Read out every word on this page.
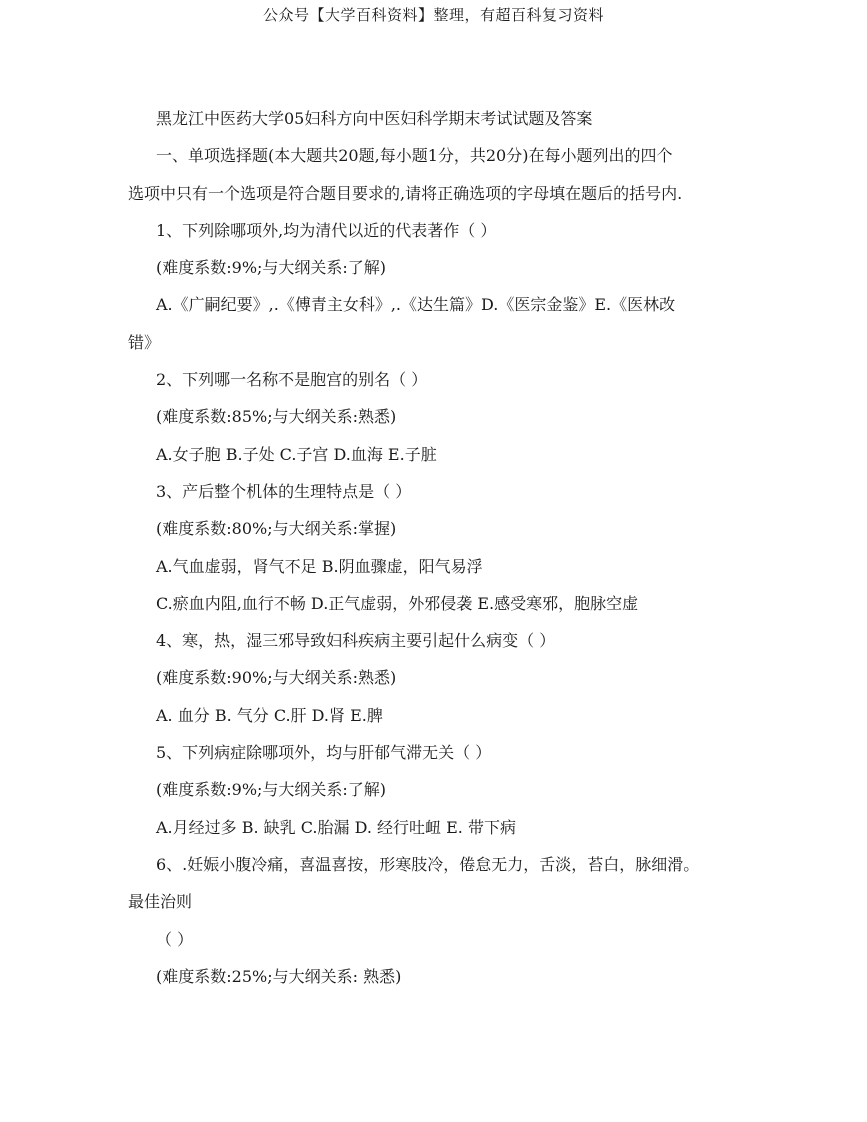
公众号【大学百科资料】整理，有超百科复习资料
黑龙江中医药大学05妇科方向中医妇科学期末考试试题及答案
一、单项选择题(本大题共20题,每小题1分，共20分)在每小题列出的四个
选项中只有一个选项是符合题目要求的,请将正确选项的字母填在题后的括号内.
1、下列除哪项外,均为清代以近的代表著作（ ）
(难度系数:9%;与大纲关系:了解)
A.《广嗣纪要》,.《傅青主女科》,.《达生篇》D.《医宗金鉴》E.《医林改
错》
2、下列哪一名称不是胞宫的别名（ ）
(难度系数:85%;与大纲关系:熟悉)
A.女子胞 B.子处 C.子宫 D.血海 E.子脏
3、产后整个机体的生理特点是（ ）
(难度系数:80%;与大纲关系:掌握)
A.气血虚弱，肾气不足 B.阴血骤虚，阳气易浮
C.瘀血内阻,血行不畅 D.正气虚弱，外邪侵袭 E.感受寒邪，胞脉空虚
4、寒，热，湿三邪导致妇科疾病主要引起什么病变（ ）
(难度系数:90%;与大纲关系:熟悉)
A. 血分 B. 气分 C.肝 D.肾 E.脾
5、下列病症除哪项外，均与肝郁气滞无关（ ）
(难度系数:9%;与大纲关系:了解)
A.月经过多 B. 缺乳 C.胎漏 D. 经行吐衄 E. 带下病
6、.妊娠小腹冷痛，喜温喜按，形寒肢冷，倦怠无力，舌淡，苔白，脉细滑。
最佳治则
（ ）
(难度系数:25%;与大纲关系: 熟悉)
